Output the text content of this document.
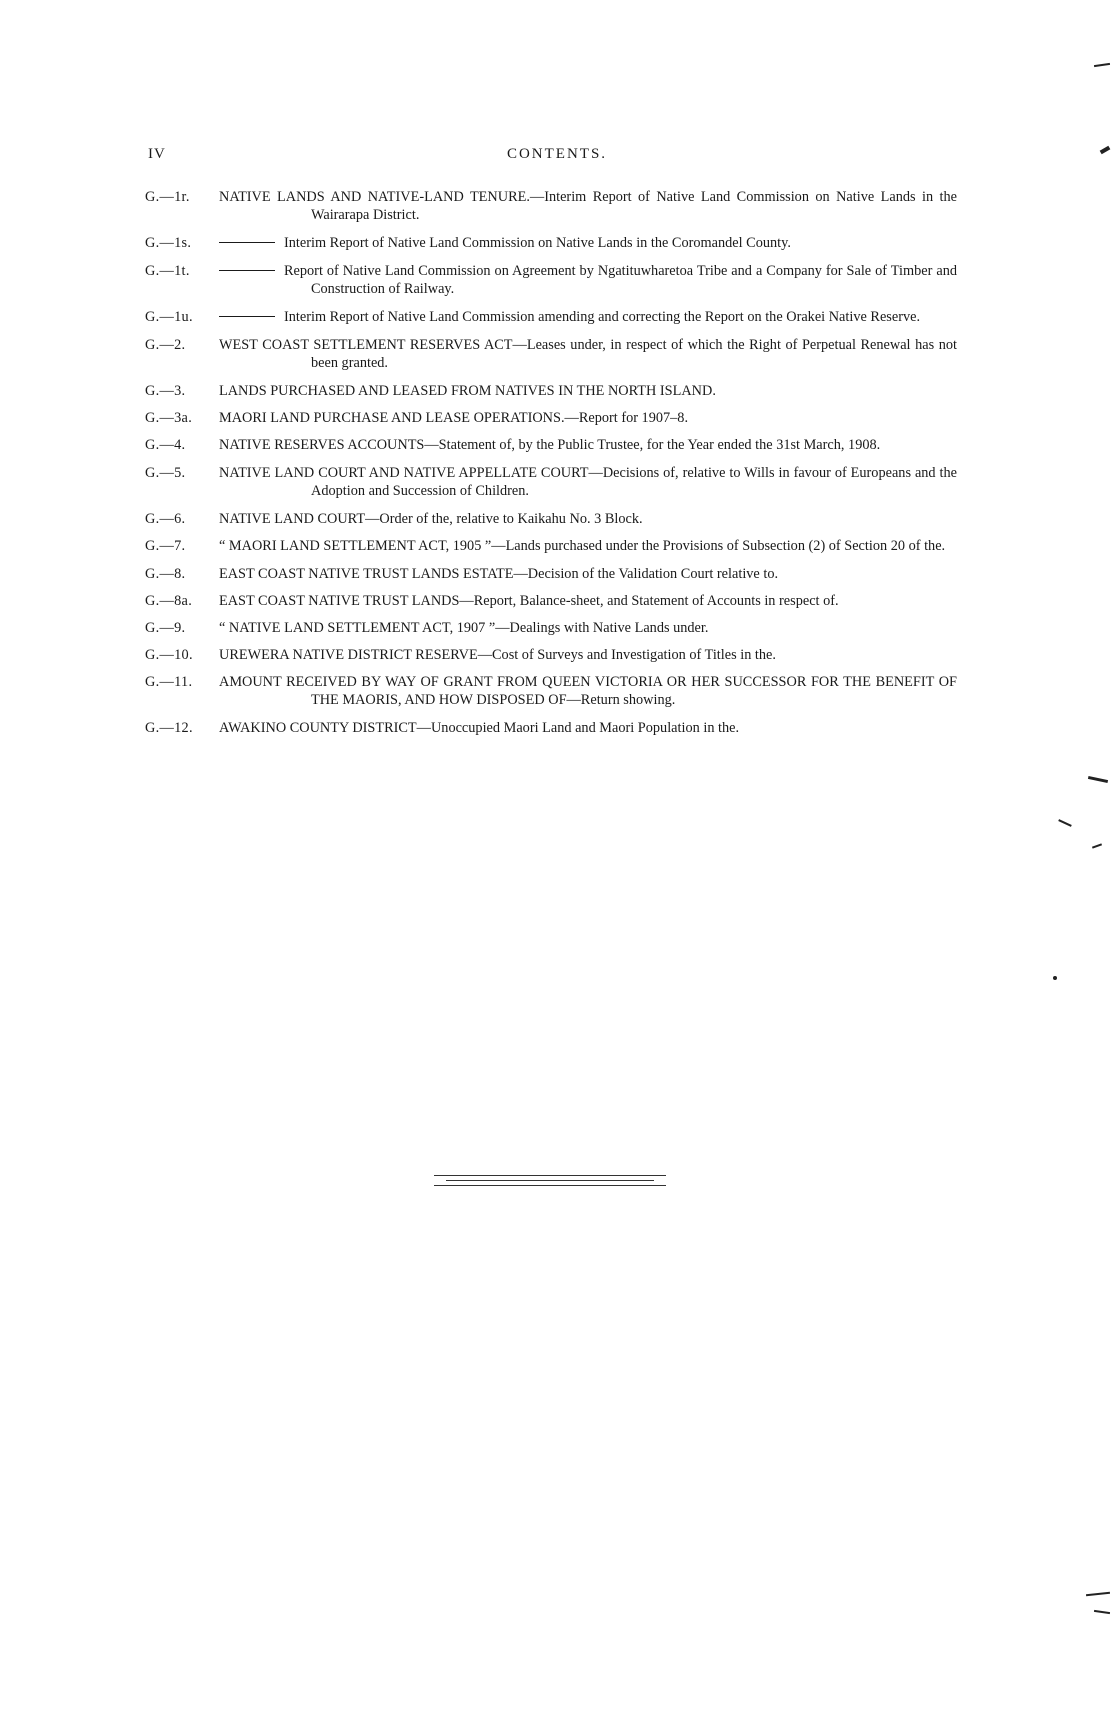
IV	CONTENTS.
G.—1r.	NATIVE LANDS AND NATIVE-LAND TENURE.—Interim Report of Native Land Commission on Native Lands in the Wairarapa District.
G.—1s.	Interim Report of Native Land Commission on Native Lands in the Coromandel County.
G.—1t.	Report of Native Land Commission on Agreement by Ngatituwharetoa Tribe and a Company for Sale of Timber and Construction of Railway.
G.—1u.	Interim Report of Native Land Commission amending and correcting the Report on the Orakei Native Reserve.
G.—2.	WEST COAST SETTLEMENT RESERVES ACT—Leases under, in respect of which the Right of Perpetual Renewal has not been granted.
G.—3.	LANDS PURCHASED AND LEASED FROM NATIVES IN THE NORTH ISLAND.
G.—3a.	MAORI LAND PURCHASE AND LEASE OPERATIONS.—Report for 1907–8.
G.—4.	NATIVE RESERVES ACCOUNTS—Statement of, by the Public Trustee, for the Year ended the 31st March, 1908.
G.—5.	NATIVE LAND COURT AND NATIVE APPELLATE COURT—Decisions of, relative to Wills in favour of Europeans and the Adoption and Succession of Children.
G.—6.	NATIVE LAND COURT—Order of the, relative to Kaikahu No. 3 Block.
G.—7.	“ MAORI LAND SETTLEMENT ACT, 1905 ”—Lands purchased under the Provisions of Subsection (2) of Section 20 of the.
G.—8.	EAST COAST NATIVE TRUST LANDS ESTATE—Decision of the Validation Court relative to.
G.—8a.	EAST COAST NATIVE TRUST LANDS—Report, Balance-sheet, and Statement of Accounts in respect of.
G.—9.	“ NATIVE LAND SETTLEMENT ACT, 1907 ”—Dealings with Native Lands under.
G.—10.	UREWERA NATIVE DISTRICT RESERVE—Cost of Surveys and Investigation of Titles in the.
G.—11.	AMOUNT RECEIVED BY WAY OF GRANT FROM QUEEN VICTORIA OR HER SUCCESSOR FOR THE BENEFIT OF THE MAORIS, AND HOW DISPOSED OF—Return showing.
G.—12.	AWAKINO COUNTY DISTRICT—Unoccupied Maori Land and Maori Population in the.
